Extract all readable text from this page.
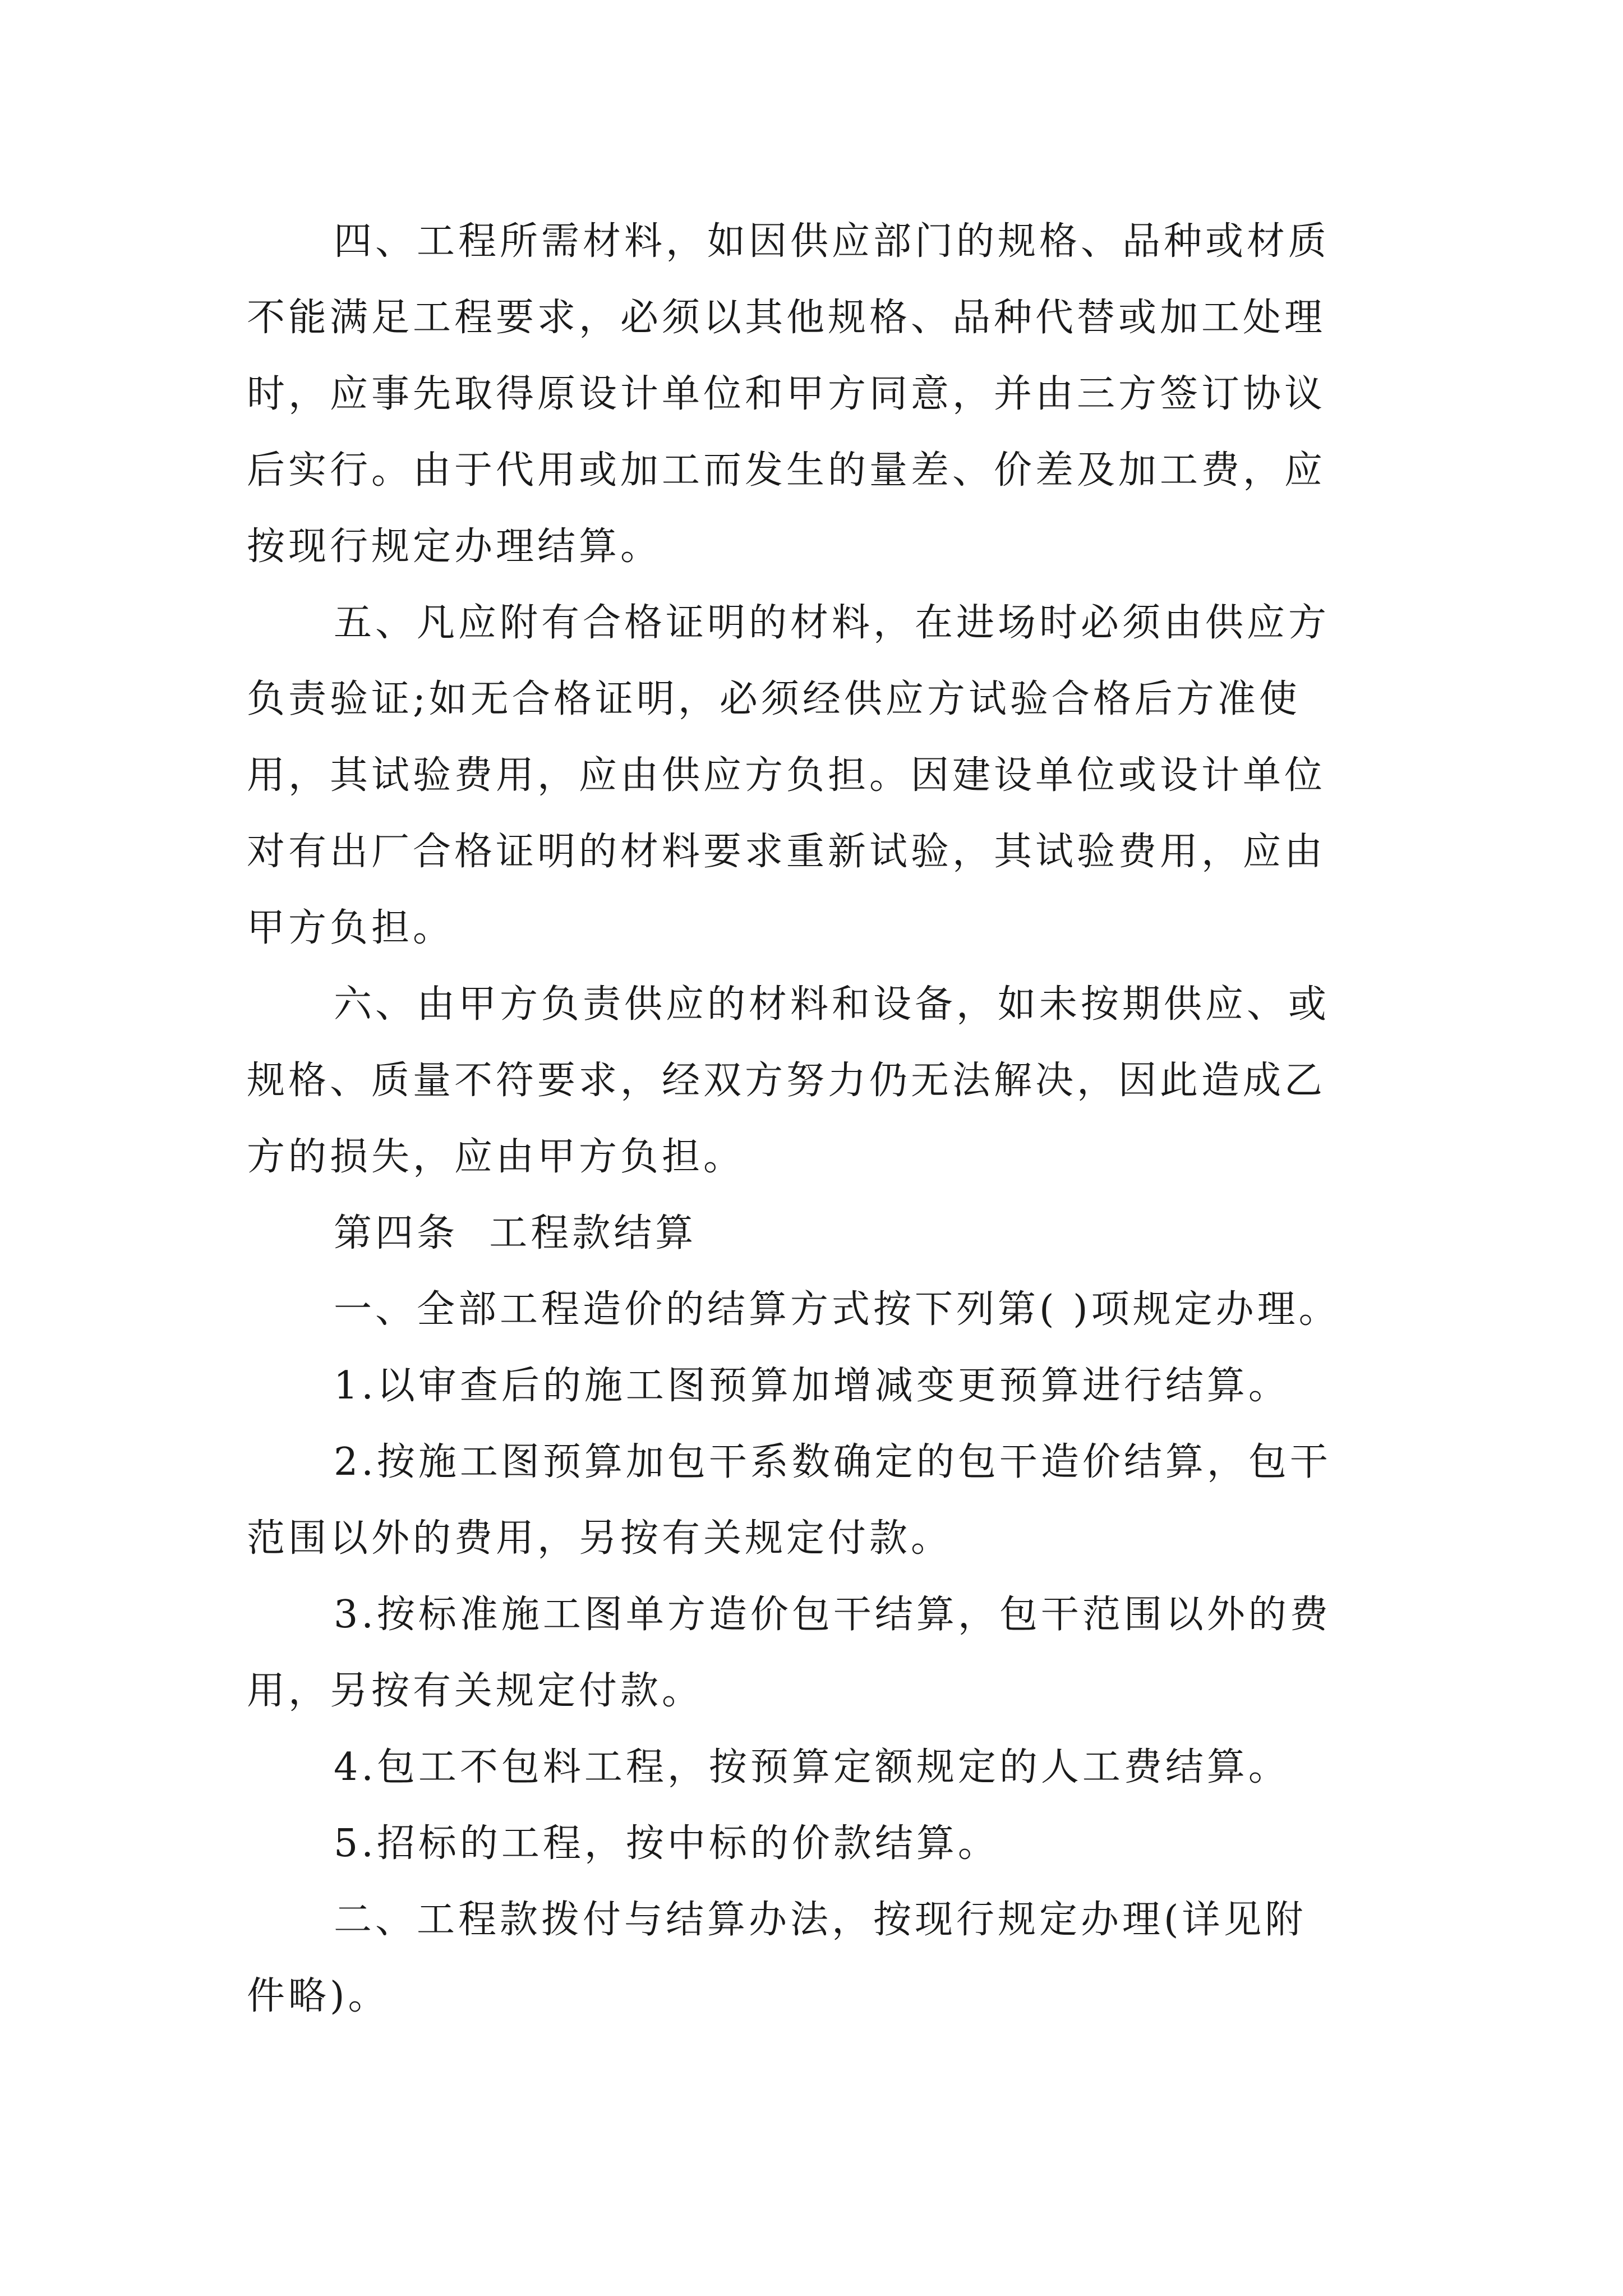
四、工程所需材料，如因供应部门的规格、品种或材质
不能满足工程要求，必须以其他规格、品种代替或加工处理
时，应事先取得原设计单位和甲方同意，并由三方签订协议
后实行。由于代用或加工而发生的量差、价差及加工费，应
按现行规定办理结算。
五、凡应附有合格证明的材料，在进场时必须由供应方
负责验证;如无合格证明，必须经供应方试验合格后方准使
用，其试验费用，应由供应方负担。因建设单位或设计单位
对有出厂合格证明的材料要求重新试验，其试验费用，应由
甲方负担。
六、由甲方负责供应的材料和设备，如未按期供应、或
规格、质量不符要求，经双方努力仍无法解决，因此造成乙
方的损失，应由甲方负担。
第四条  工程款结算
一、全部工程造价的结算方式按下列第( )项规定办理。
1.以审查后的施工图预算加增减变更预算进行结算。
2.按施工图预算加包干系数确定的包干造价结算，包干
范围以外的费用，另按有关规定付款。
3.按标准施工图单方造价包干结算，包干范围以外的费
用，另按有关规定付款。
4.包工不包料工程，按预算定额规定的人工费结算。
5.招标的工程，按中标的价款结算。
二、工程款拨付与结算办法，按现行规定办理(详见附
件略)。
